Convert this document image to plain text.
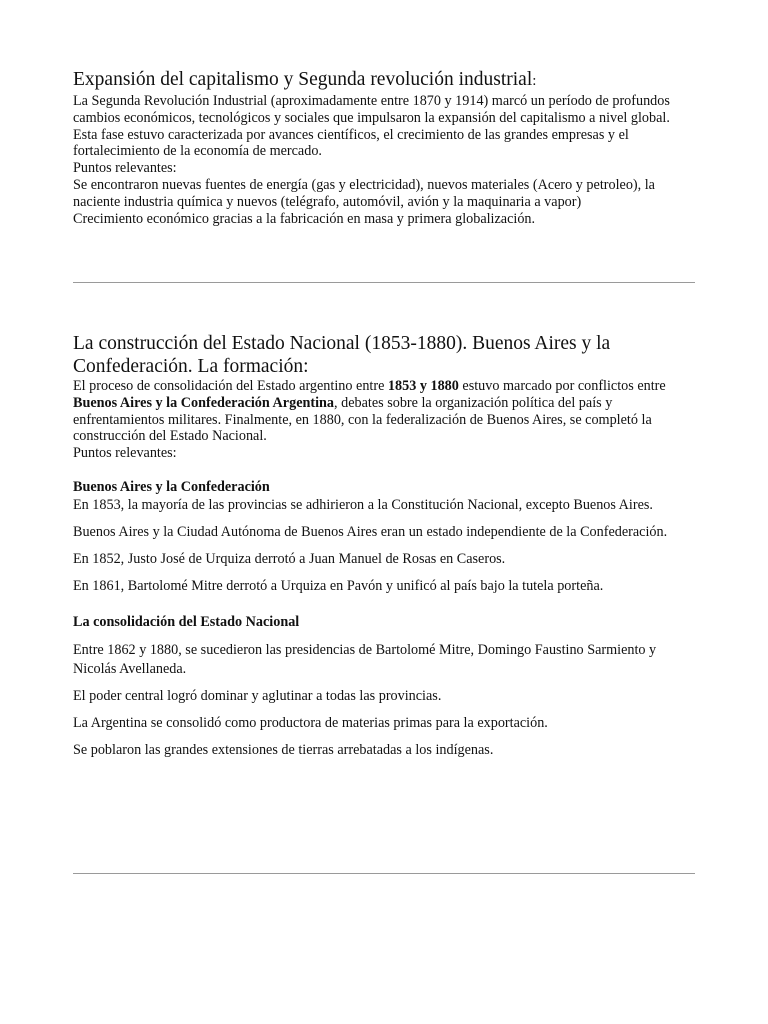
Expansión del capitalismo y Segunda revolución industrial:

La Segunda Revolución Industrial (aproximadamente entre 1870 y 1914) marcó un período de profundos cambios económicos, tecnológicos y sociales que impulsaron la expansión del capitalismo a nivel global. Esta fase estuvo caracterizada por avances científicos, el crecimiento de las grandes empresas y el fortalecimiento de la economía de mercado.

Puntos relevantes:

Se encontraron nuevas fuentes de energía (gas y electricidad), nuevos materiales (Acero y petroleo), la naciente industria química y nuevos (telégrafo, automóvil, avión y la maquinaria a vapor)

Crecimiento económico gracias a la fabricación en masa y primera globalización.

La construcción del Estado Nacional (1853-1880). Buenos Aires y la
Confederación. La formación:

El proceso de consolidación del Estado argentino entre 1853 y 1880 estuvo marcado por conflictos entre Buenos Aires y la Confederación Argentina, debates sobre la organización política del país y enfrentamientos militares. Finalmente, en 1880, con la federalización de Buenos Aires, se completó la construcción del Estado Nacional.

Puntos relevantes:

Buenos Aires y la Confederación

En 1853, la mayoría de las provincias se adhirieron a la Constitución Nacional, excepto Buenos Aires.

Buenos Aires y la Ciudad Autónoma de Buenos Aires eran un estado independiente de la Confederación.

En 1852, Justo José de Urquiza derrotó a Juan Manuel de Rosas en Caseros.

En 1861, Bartolomé Mitre derrotó a Urquiza en Pavón y unificó al país bajo la tutela porteña.

La consolidación del Estado Nacional

Entre 1862 y 1880, se sucedieron las presidencias de Bartolomé Mitre, Domingo Faustino Sarmiento y Nicolás Avellaneda.

El poder central logró dominar y aglutinar a todas las provincias.

La Argentina se consolidó como productora de materias primas para la exportación.

Se poblaron las grandes extensiones de tierras arrebatadas a los indígenas.
